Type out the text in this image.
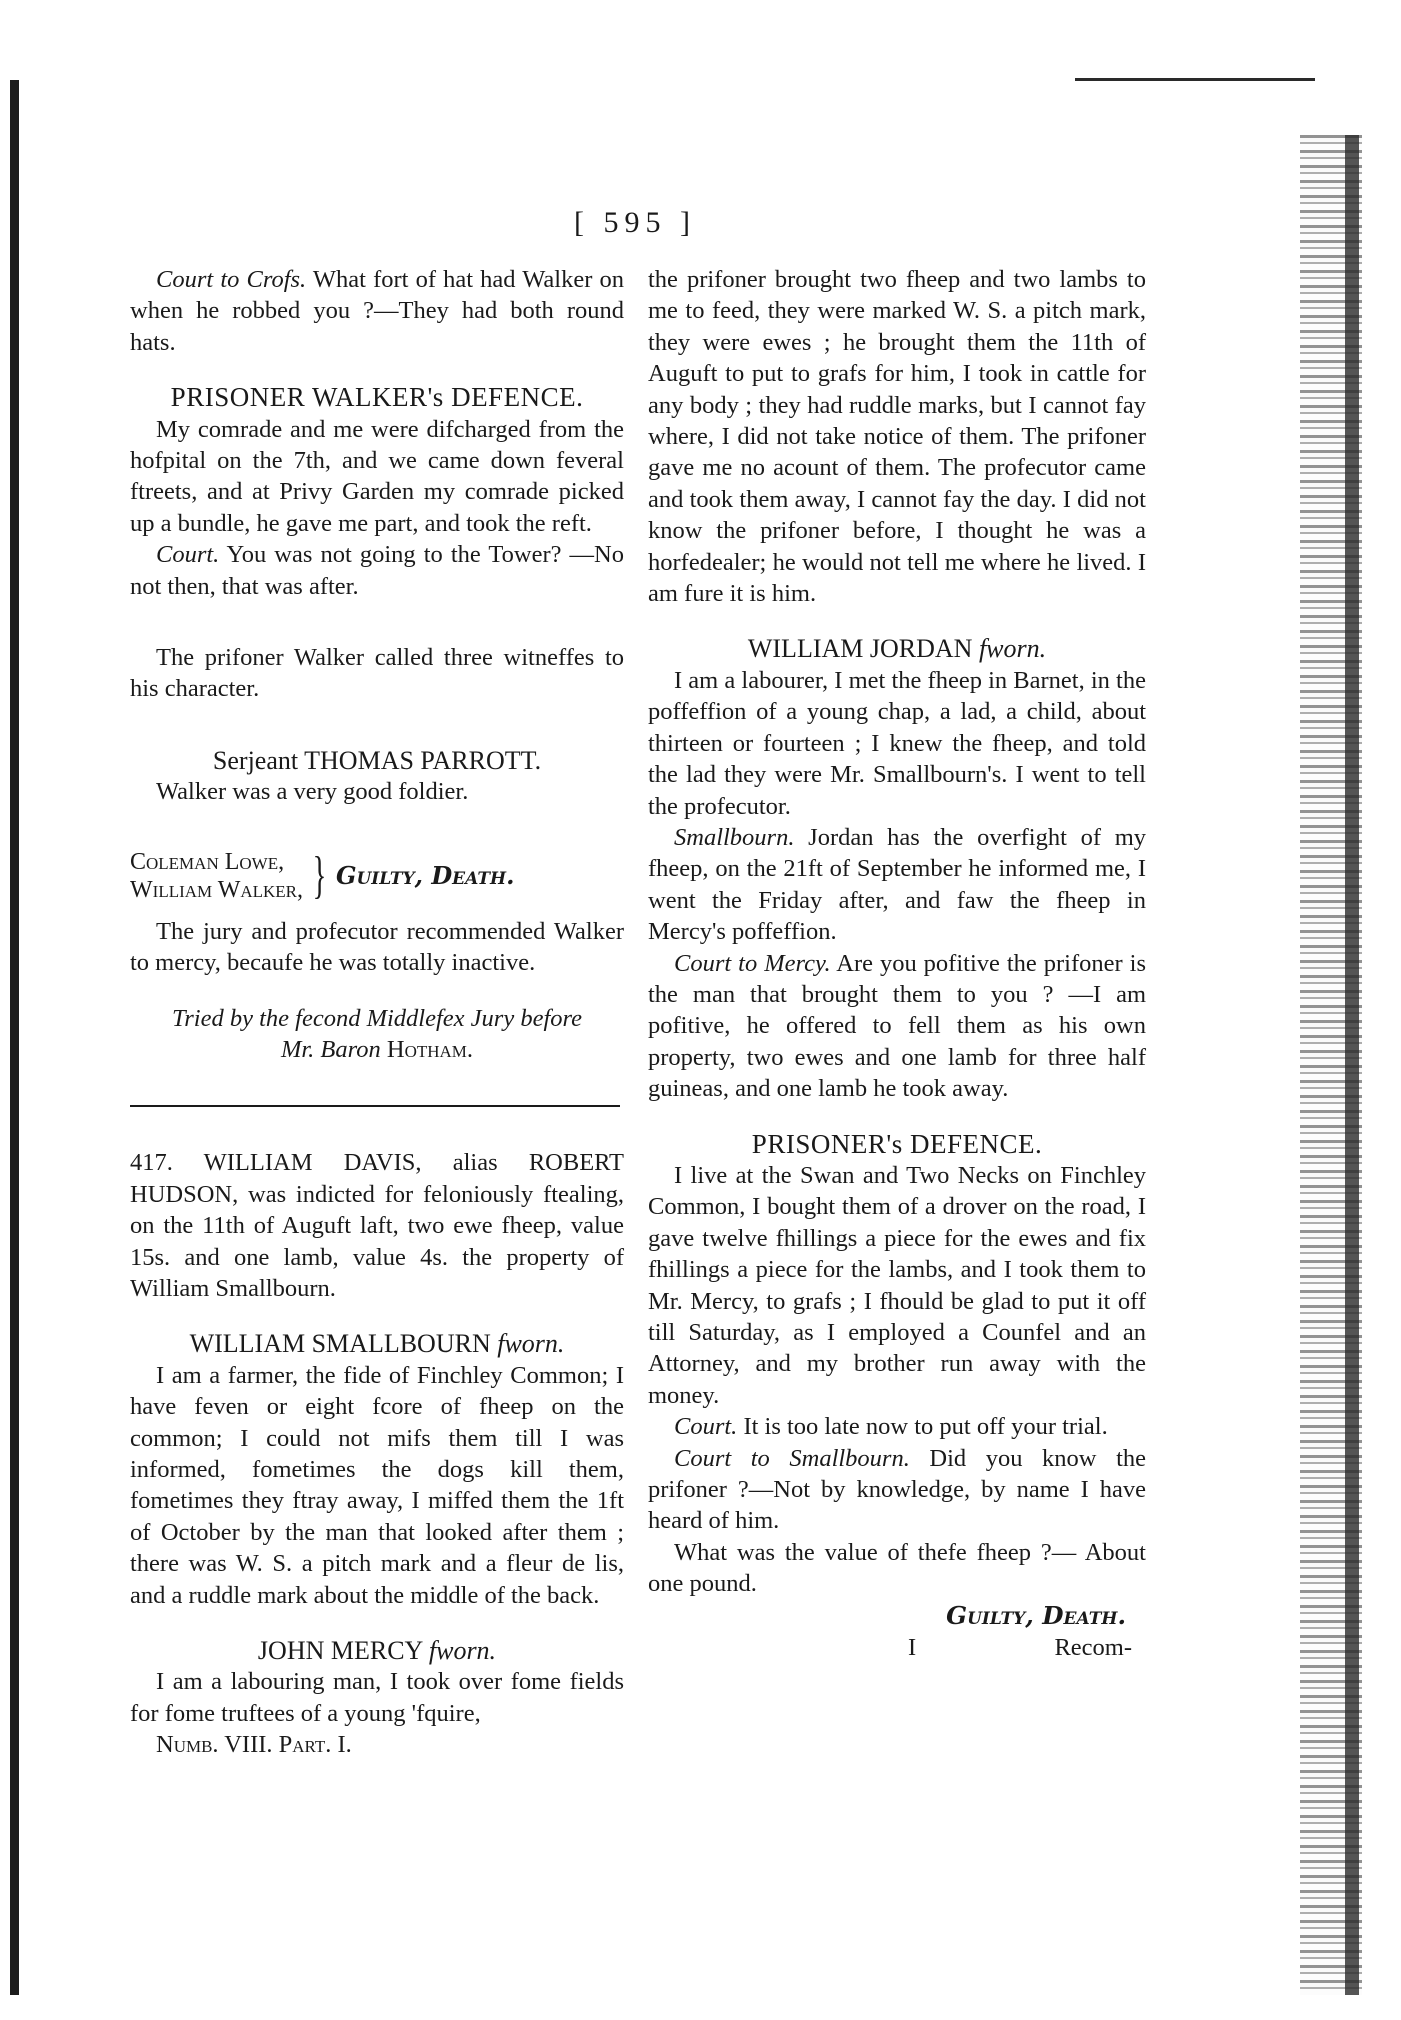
[ 595 ]

Court to Crofs. What fort of hat had Walker on when he robbed you ?—They had both round hats.

PRISONER WALKER's DEFENCE.

My comrade and me were difcharged from the hofpital on the 7th, and we came down feveral ftreets, and at Privy Garden my comrade picked up a bundle, he gave me part, and took the reft.

Court. You was not going to the Tower? —No not then, that was after.

The prifoner Walker called three witneffes to his character.

Serjeant THOMAS PARROTT.

Walker was a very good foldier.

Coleman Lowe,
William Walker, } Guilty, Death.

The jury and profecutor recommended Walker to mercy, becaufe he was totally inactive.

Tried by the fecond Middlefex Jury before
Mr. Baron Hotham.

417. WILLIAM DAVIS, alias ROBERT HUDSON, was indicted for feloniously ftealing, on the 11th of Auguft laft, two ewe fheep, value 15s. and one lamb, value 4s. the property of William Smallbourn.

WILLIAM SMALLBOURN fworn.

I am a farmer, the fide of Finchley Common; I have feven or eight fcore of fheep on the common; I could not mifs them till I was informed, fometimes the dogs kill them, fometimes they ftray away, I miffed them the 1ft of October by the man that looked after them ; there was W. S. a pitch mark and a fleur de lis, and a ruddle mark about the middle of the back.

JOHN MERCY fworn.

I am a labouring man, I took over fome fields for fome truftees of a young 'fquire,

Numb. VIII. Part. I.

the prifoner brought two fheep and two lambs to me to feed, they were marked W. S. a pitch mark, they were ewes ; he brought them the 11th of Auguft to put to grafs for him, I took in cattle for any body ; they had ruddle marks, but I cannot fay where, I did not take notice of them. The prifoner gave me no acount of them. The profecutor came and took them away, I cannot fay the day. I did not know the prifoner before, I thought he was a horfedealer; he would not tell me where he lived. I am fure it is him.

WILLIAM JORDAN fworn.

I am a labourer, I met the fheep in Barnet, in the poffeffion of a young chap, a lad, a child, about thirteen or fourteen ; I knew the fheep, and told the lad they were Mr. Smallbourn's. I went to tell the profecutor.

Smallbourn. Jordan has the overfight of my fheep, on the 21ft of September he informed me, I went the Friday after, and faw the fheep in Mercy's poffeffion.

Court to Mercy. Are you pofitive the prifoner is the man that brought them to you ? —I am pofitive, he offered to fell them as his own property, two ewes and one lamb for three half guineas, and one lamb he took away.

PRISONER's DEFENCE.

I live at the Swan and Two Necks on Finchley Common, I bought them of a drover on the road, I gave twelve fhillings a piece for the ewes and fix fhillings a piece for the lambs, and I took them to Mr. Mercy, to grafs ; I fhould be glad to put it off till Saturday, as I employed a Counfel and an Attorney, and my brother run away with the money.

Court. It is too late now to put off your trial.

Court to Smallbourn. Did you know the prifoner ?—Not by knowledge, by name I have heard of him.

What was the value of thefe fheep ?— About one pound.

Guilty, Death.

I	Recom-
